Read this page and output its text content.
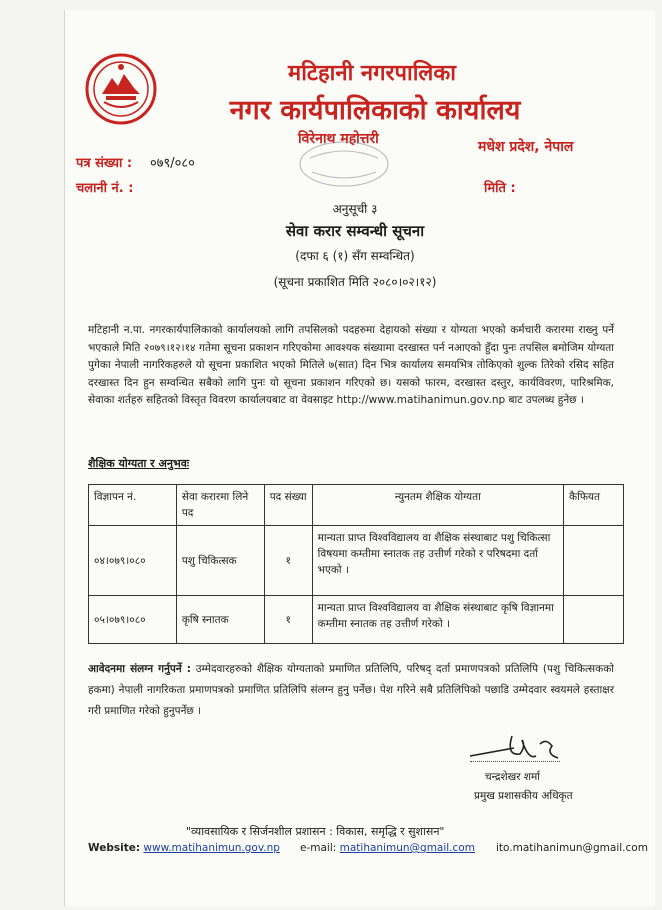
मटिहानी नगरपालिका
नगर कार्यपालिकाको कार्यालय
विरेनाथ महोत्तरी	मधेश प्रदेश, नेपाल
पत्र संख्या : ०७९/०८०
चलानी नं. :	मिति :
अनुसूची ३
सेवा करार सम्वन्धी सूचना
(दफा ६ (१) सँग सम्वन्धित)
(सूचना प्रकाशित मिति २०८०।०२।१२)
मटिहानी न.पा. नगरकार्यपालिकाको कार्यालयको लागि तपसिलको पदहरुमा देहायको संख्या र योग्यता भएको कर्मचारी करारमा राख्नु पर्ने भएकाले मिति २०७९।१२।१४ गतेमा सूचना प्रकाशन गरिएकोमा आवश्यक संख्यामा दरखास्त पर्न नआएको हुँदा पुनः तपसिल बमोजिम योग्यता पुगेका नेपाली नागरिकहरुले यो सूचना प्रकाशित भएको मितिले ७(सात) दिन भित्र कार्यालय समयभित्र तोकिएको शुल्क तिरेको रसिद सहित दरखास्त दिन हुन सम्वन्धित सबैको लागि पुनः यो सूचना प्रकाशन गरिएको छ। यसको फारम, दरखास्त दस्तुर, कार्यविवरण, पारिश्रमिक, सेवाका शर्तहरु सहितको विस्तृत विवरण कार्यालयबाट वा वेवसाइट http://www.matihanimun.gov.np बाट उपलब्ध हुनेछ ।
शैक्षिक योग्यता र अनुभवः
विज्ञापन नं.	सेवा करारमा लिने पद	पद संख्या	न्युनतम शैक्षिक योग्यता	कैफियत
०४।०७९।०८०	पशु चिकित्सक	१	मान्यता प्राप्त विश्वविद्यालय वा शैक्षिक संस्थाबाट पशु चिकित्सा विषयमा कम्तीमा स्नातक तह उत्तीर्ण गरेको र परिषदमा दर्ता भएको ।	
०५।०७९।०८०	कृषि स्नातक	१	मान्यता प्राप्त विश्वविद्यालय वा शैक्षिक संस्थाबाट कृषि विज्ञानमा कम्तीमा स्नातक तह उत्तीर्ण गरेको ।	
आवेदनमा संलग्न गर्नुपर्ने : उम्मेदवारहरुको शैक्षिक योग्यताको प्रमाणित प्रतिलिपि, परिषद् दर्ता प्रमाणपत्रको प्रतिलिपि (पशु चिकित्सकको हकमा) नेपाली नागरिकता प्रमाणपत्रको प्रमाणित प्रतिलिपि संलग्न हुनु पर्नेछ। पेश गरिने सबै प्रतिलिपिको पछाडि उम्मेदवार स्वयमले हस्ताक्षर गरी प्रमाणित गरेको हुनुपर्नेछ ।
चन्द्रशेखर शर्मा
प्रमुख प्रशासकीय अधिकृत
"व्यावसायिक र सिर्जनशील प्रशासन : विकास, समृद्धि र सुशासन"
Website: www.matihanimun.gov.np e-mail: matihanimun@gmail.com ito.matihanimun@gmail.com
